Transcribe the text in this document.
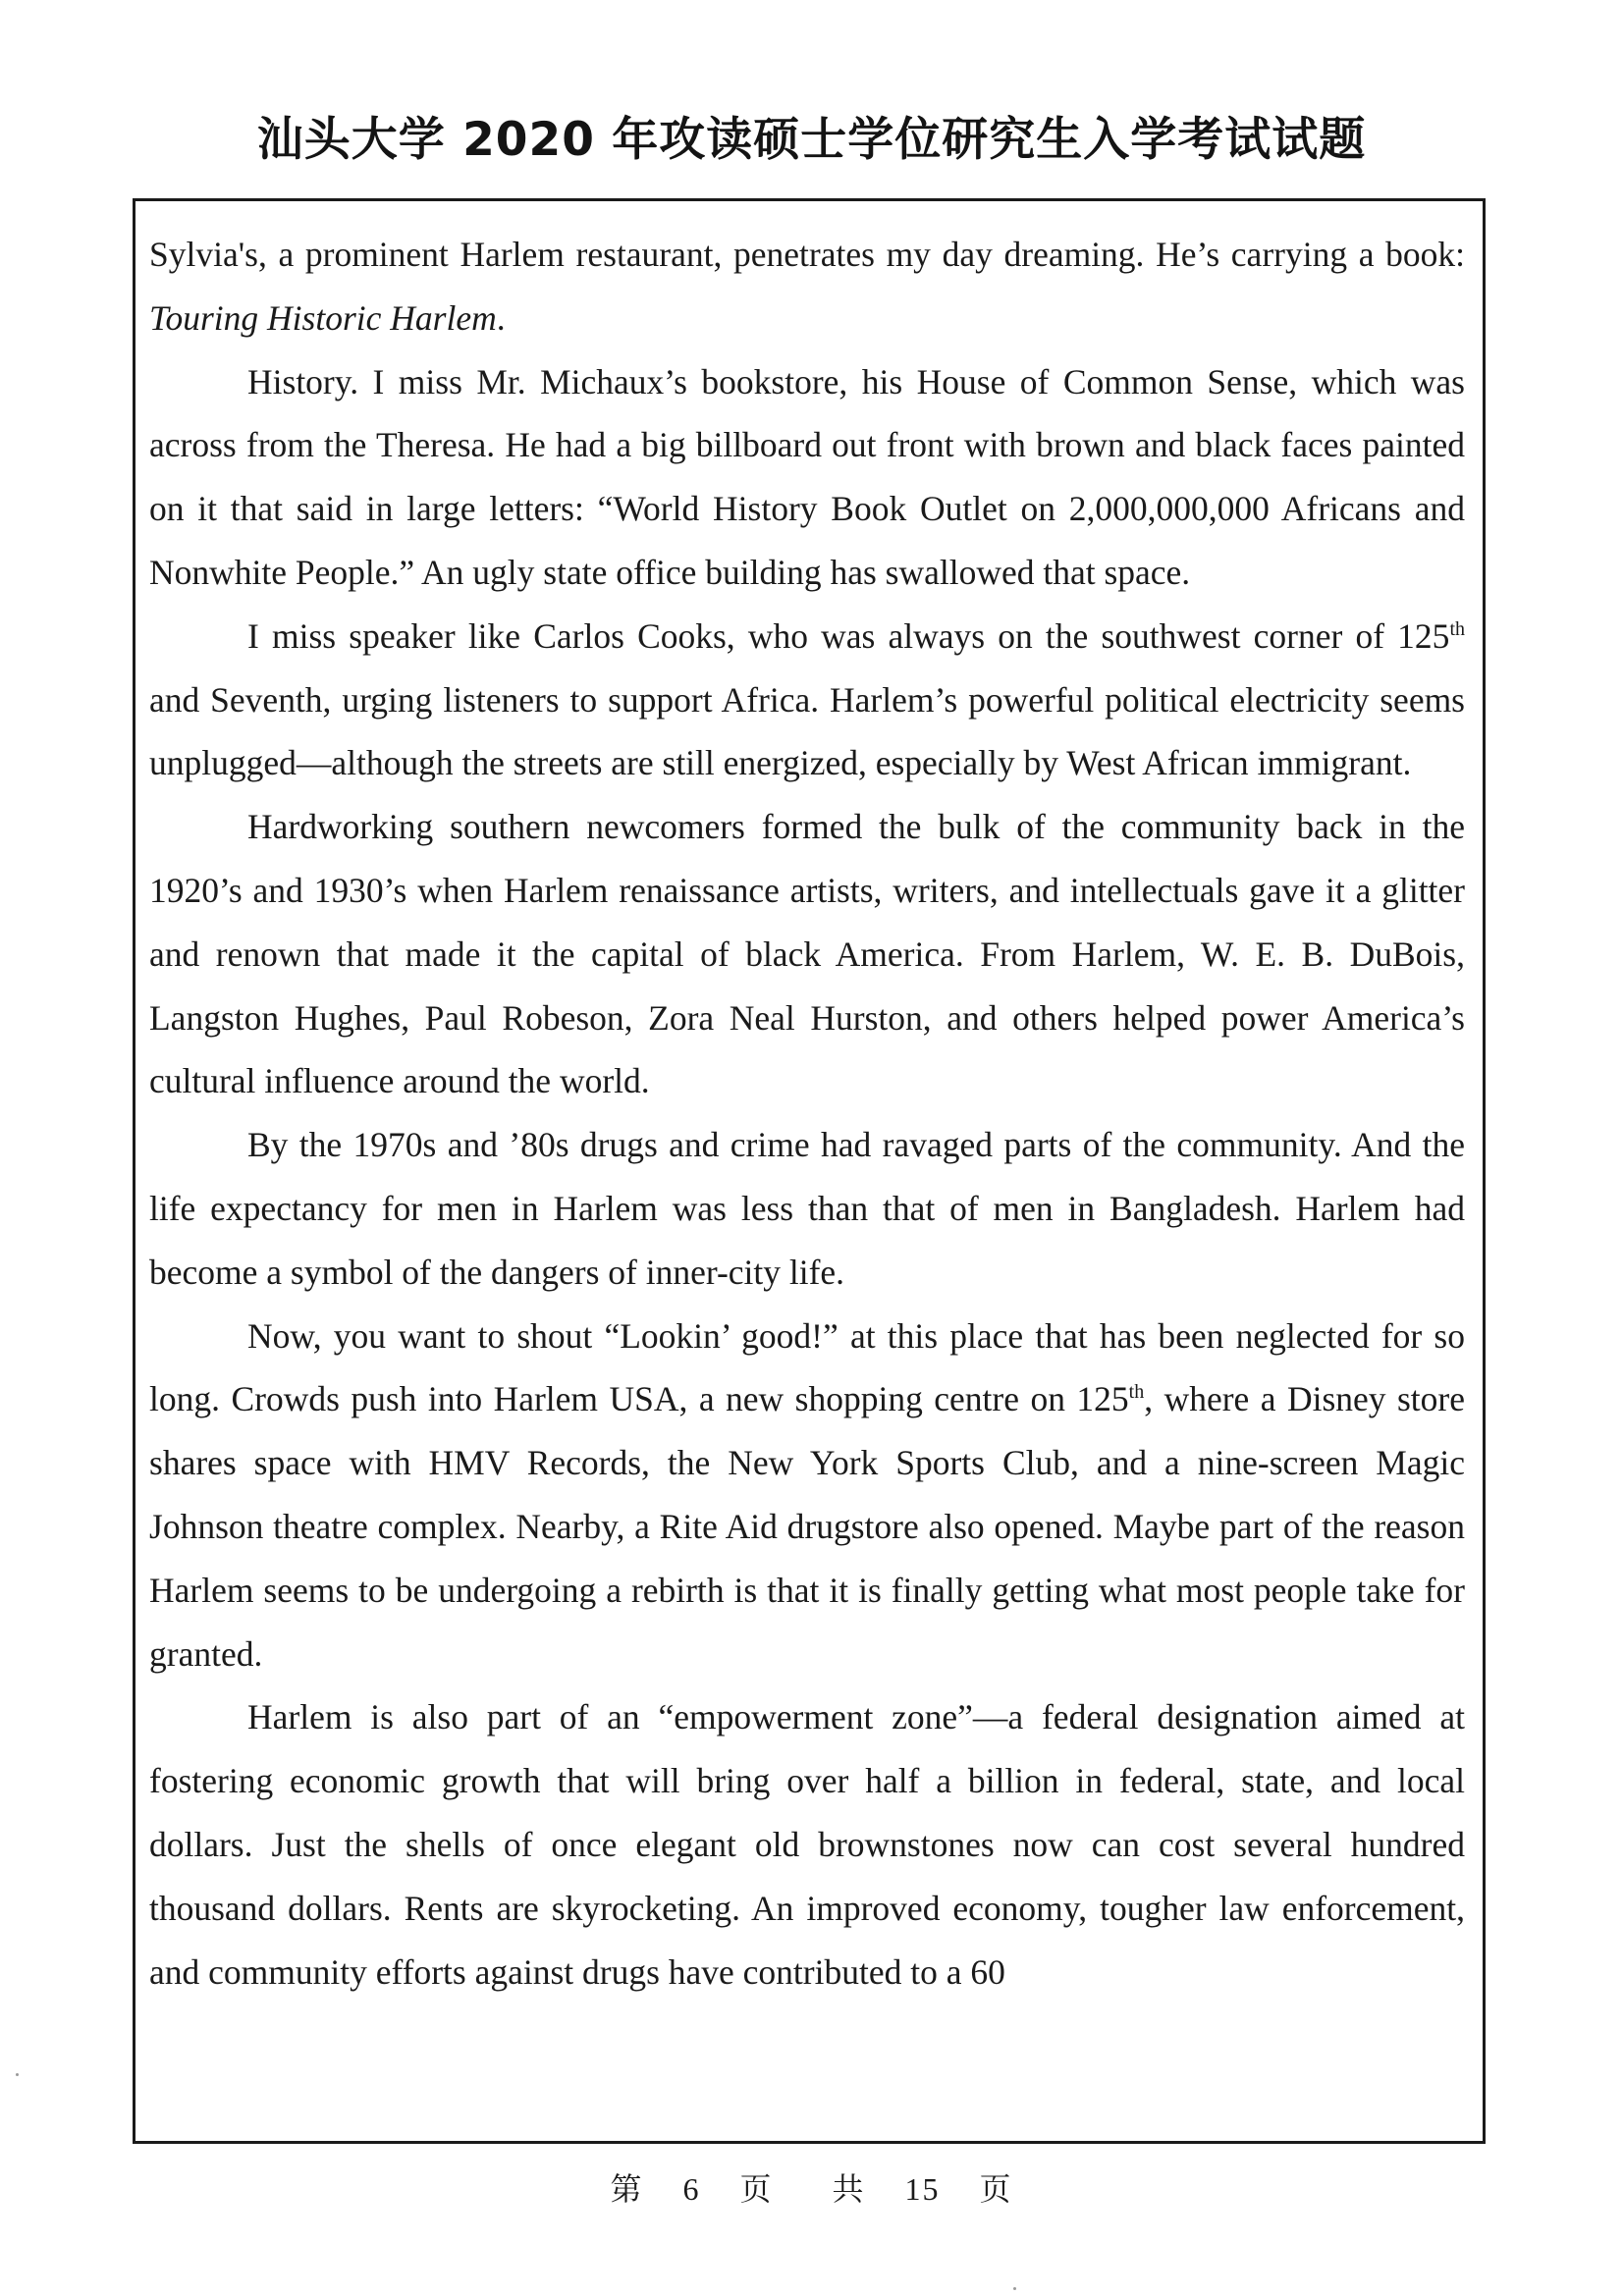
汕头大学 2020 年攻读硕士学位研究生入学考试试题

Sylvia's, a prominent Harlem restaurant, penetrates my day dreaming. He’s carrying a book: Touring Historic Harlem.

History. I miss Mr. Michaux’s bookstore, his House of Common Sense, which was across from the Theresa. He had a big billboard out front with brown and black faces painted on it that said in large letters: “World History Book Outlet on 2,000,000,000 Africans and Nonwhite People.” An ugly state office building has swallowed that space.

I miss speaker like Carlos Cooks, who was always on the southwest corner of 125th and Seventh, urging listeners to support Africa. Harlem’s powerful political electricity seems unplugged—although the streets are still energized, especially by West African immigrant.

Hardworking southern newcomers formed the bulk of the community back in the 1920’s and 1930’s when Harlem renaissance artists, writers, and intellectuals gave it a glitter and renown that made it the capital of black America. From Harlem, W. E. B. DuBois, Langston Hughes, Paul Robeson, Zora Neal Hurston, and others helped power America’s cultural influence around the world.

By the 1970s and ’80s drugs and crime had ravaged parts of the community. And the life expectancy for men in Harlem was less than that of men in Bangladesh. Harlem had become a symbol of the dangers of inner-city life.

Now, you want to shout “Lookin’ good!” at this place that has been neglected for so long. Crowds push into Harlem USA, a new shopping centre on 125th, where a Disney store shares space with HMV Records, the New York Sports Club, and a nine-screen Magic Johnson theatre complex. Nearby, a Rite Aid drugstore also opened. Maybe part of the reason Harlem seems to be undergoing a rebirth is that it is finally getting what most people take for granted.

Harlem is also part of an “empowerment zone”—a federal designation aimed at fostering economic growth that will bring over half a billion in federal, state, and local dollars. Just the shells of once elegant old brownstones now can cost several hundred thousand dollars. Rents are skyrocketing. An improved economy, tougher law enforcement, and community efforts against drugs have contributed to a 60

第 6 页 共 15 页
